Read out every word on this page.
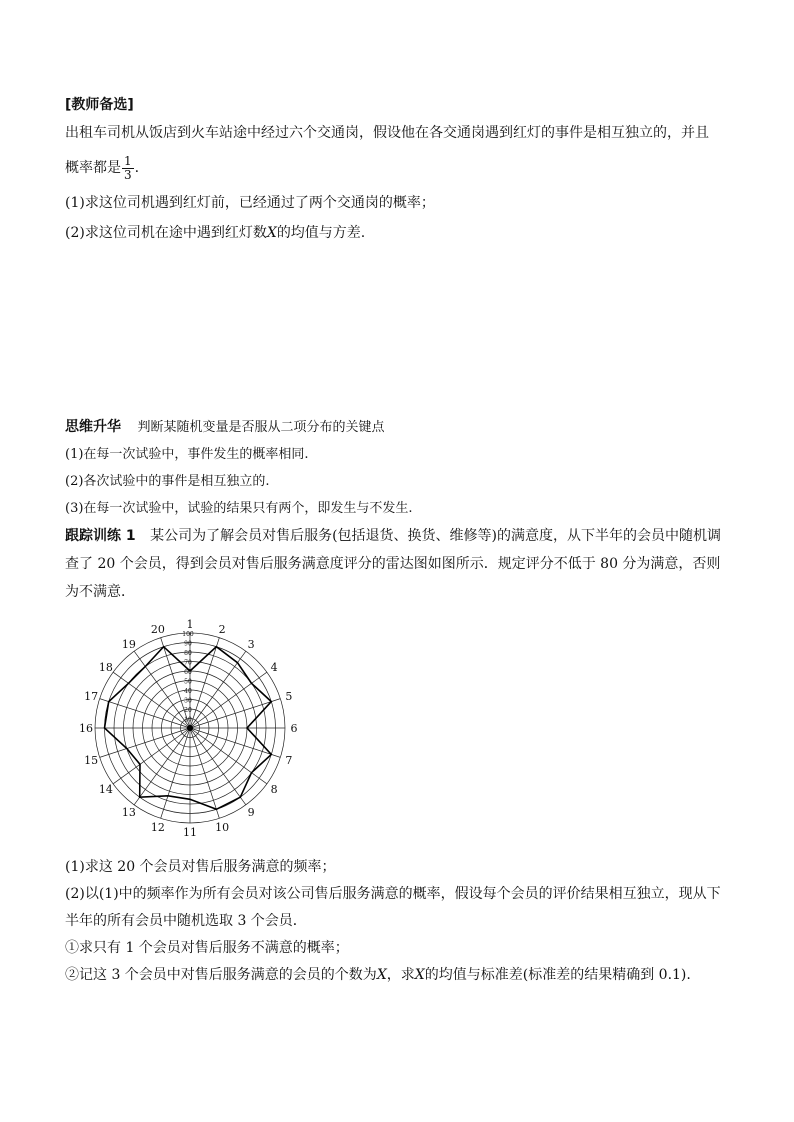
[教师备选]
出租车司机从饭店到火车站途中经过六个交通岗，假设他在各交通岗遇到红灯的事件是相互独立的，并且
概率都是 $\frac{1}{3}$ .
(1)求这位司机遇到红灯前，已经通过了两个交通岗的概率；
(2)求这位司机在途中遇到红灯数X的均值与方差.
思维升华 判断某随机变量是否服从二项分布的关键点
(1)在每一次试验中，事件发生的概率相同.
(2)各次试验中的事件是相互独立的.
(3)在每一次试验中，试验的结果只有两个，即发生与不发生.
跟踪训练 1 某公司为了解会员对售后服务(包括退货、换货、维修等)的满意度，从下半年的会员中随机调
查了 20 个会员，得到会员对售后服务满意度评分的雷达图如图所示．规定评分不低于 80 分为满意，否则
为不满意．
1 2
3
4
5
6
7
8
9
10
11
12
13
14
15
16
17
18
19
20
10
20
30
40
50
60
70
80
90
100
(1)求这 20 个会员对售后服务满意的频率；
(2)以(1)中的频率作为所有会员对该公司售后服务满意的概率，假设每个会员的评价结果相互独立，现从下
半年的所有会员中随机选取 3 个会员．
①求只有 1 个会员对售后服务不满意的概率；
②记这 3 个会员中对售后服务满意的会员的个数为X，求X的均值与标准差(标准差的结果精确到 0.1).
